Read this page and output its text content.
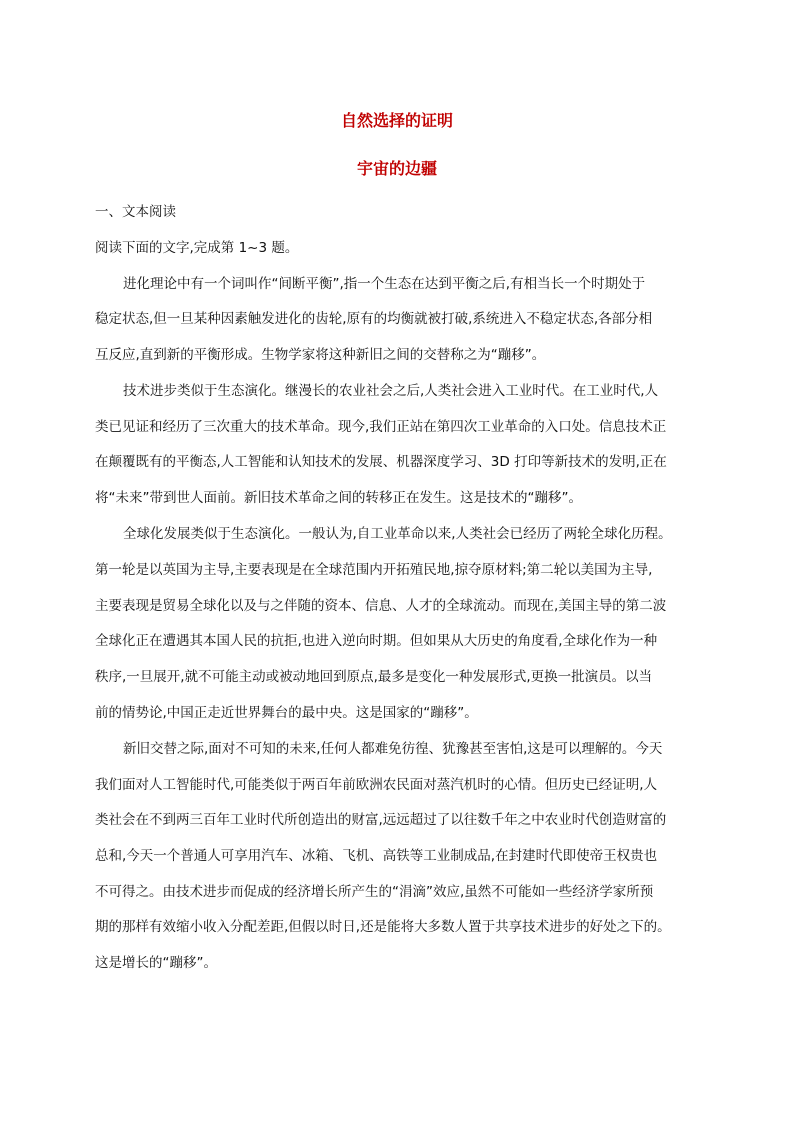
自然选择的证明
宇宙的边疆
一、文本阅读
阅读下面的文字,完成第 1~3 题。
进化理论中有一个词叫作“间断平衡”,指一个生态在达到平衡之后,有相当长一个时期处于
稳定状态,但一旦某种因素触发进化的齿轮,原有的均衡就被打破,系统进入不稳定状态,各部分相
互反应,直到新的平衡形成。生物学家将这种新旧之间的交替称之为“蹦移”。
技术进步类似于生态演化。继漫长的农业社会之后,人类社会进入工业时代。在工业时代,人
类已见证和经历了三次重大的技术革命。现今,我们正站在第四次工业革命的入口处。信息技术正
在颠覆既有的平衡态,人工智能和认知技术的发展、机器深度学习、3D 打印等新技术的发明,正在
将“未来”带到世人面前。新旧技术革命之间的转移正在发生。这是技术的“蹦移”。
全球化发展类似于生态演化。一般认为,自工业革命以来,人类社会已经历了两轮全球化历程。
第一轮是以英国为主导,主要表现是在全球范围内开拓殖民地,掠夺原材料;第二轮以美国为主导,
主要表现是贸易全球化以及与之伴随的资本、信息、人才的全球流动。而现在,美国主导的第二波
全球化正在遭遇其本国人民的抗拒,也进入逆向时期。但如果从大历史的角度看,全球化作为一种
秩序,一旦展开,就不可能主动或被动地回到原点,最多是变化一种发展形式,更换一批演员。以当
前的情势论,中国正走近世界舞台的最中央。这是国家的“蹦移”。
新旧交替之际,面对不可知的未来,任何人都难免彷徨、犹豫甚至害怕,这是可以理解的。今天
我们面对人工智能时代,可能类似于两百年前欧洲农民面对蒸汽机时的心情。但历史已经证明,人
类社会在不到两三百年工业时代所创造出的财富,远远超过了以往数千年之中农业时代创造财富的
总和,今天一个普通人可享用汽车、冰箱、飞机、高铁等工业制成品,在封建时代即使帝王权贵也
不可得之。由技术进步而促成的经济增长所产生的“涓滴”效应,虽然不可能如一些经济学家所预
期的那样有效缩小收入分配差距,但假以时日,还是能将大多数人置于共享技术进步的好处之下的。
这是增长的“蹦移”。
